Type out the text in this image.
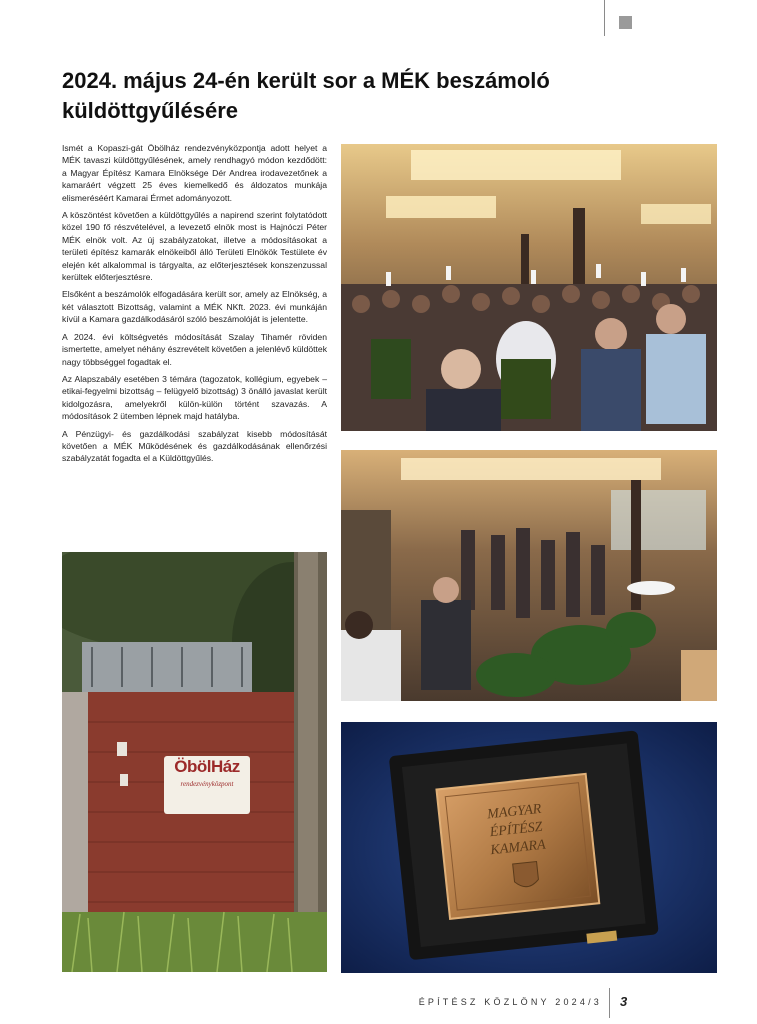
2024. május 24-én került sor a MÉK beszámoló küldöttgyűlésére

Ismét a Kopaszi-gát Öbölház rendezvényközpontja adott helyet a MÉK tavaszi küldöttgyűlésének, amely rendhagyó módon kezdődött: a Magyar Építész Kamara Elnöksége Dér Andrea irodavezetőnek a kamaráért végzett 25 éves kiemelkedő és áldozatos munkája elismeréséért Kamarai Érmet adományozott.

A köszöntést követően a küldöttgyűlés a napirend szerint folytatódott közel 190 fő részvételével, a levezető elnök most is Hajnóczi Péter MÉK elnök volt. Az új szabályzatokat, illetve a módosításokat a területi építész kamarák elnökeiből álló Területi Elnökök Testülete év elején két alkalommal is tárgyalta, az előterjesztések konszenzussal kerültek előterjesztésre.

Elsőként a beszámolók elfogadására került sor, amely az Elnökség, a két választott Bizottság, valamint a MÉK NKft. 2023. évi munkáján kívül a Kamara gazdálkodásáról szóló beszámolóját is jelentette.

A 2024. évi költségvetés módosítását Szalay Tihamér röviden ismertette, amelyet néhány észrevételt követően a jelenlévő küldöttek nagy többséggel fogadtak el.

Az Alapszabály esetében 3 témára (tagozatok, kollégium, egyebek – etikai-fegyelmi bizottság – felügyelő bizottság) 3 önálló javaslat került kidolgozásra, amelyekről külön-külön történt szavazás. A módosítások 2 ütemben lépnek majd hatályba.

A Pénzügyi- és gazdálkodási szabályzat kisebb módosítását követően a MÉK Működésének és gazdálkodásának ellenőrzési szabályzatát fogadta el a Küldöttgyűlés.

ÖbölHáz
rendezvényközpont
MAGYAR
ÉPÍTÉSZ
KAMARA
ÉPÍTÉSZ KÖZLÖNY 2024/3 3
